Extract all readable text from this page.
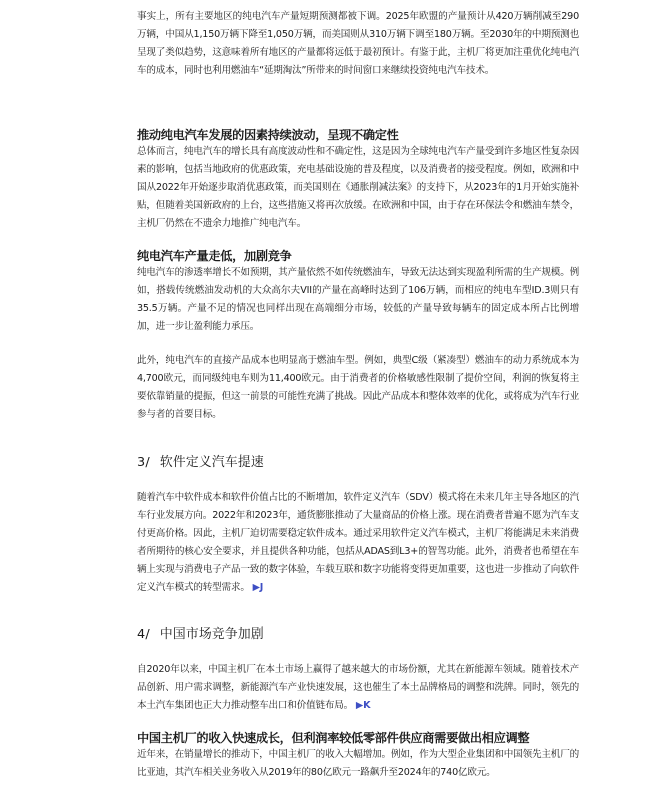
事实上，所有主要地区的纯电汽车产量短期预测都被下调。2025年欧盟的产量预计从420万辆削减至290万辆，中国从1,150万辆下降至1,050万辆，而美国则从310万辆下调至180万辆。至2030年的中期预测也呈现了类似趋势，这意味着所有地区的产量都将远低于最初预计。有鉴于此，主机厂将更加注重优化纯电汽车的成本，同时也利用燃油车“延期淘汰”所带来的时间窗口来继续投资纯电汽车技术。

推动纯电汽车发展的因素持续波动，呈现不确定性

总体而言，纯电汽车的增长具有高度波动性和不确定性，这是因为全球纯电汽车产量受到许多地区性复杂因素的影响，包括当地政府的优惠政策，充电基础设施的普及程度，以及消费者的接受程度。例如，欧洲和中国从2022年开始逐步取消优惠政策，而美国则在《通胀削减法案》的支持下，从2023年的1月开始实施补贴，但随着美国新政府的上台，这些措施又将再次放缓。在欧洲和中国，由于存在环保法令和燃油车禁令，主机厂仍然在不遗余力地推广纯电汽车。

纯电汽车产量走低，加剧竞争

纯电汽车的渗透率增长不如预期，其产量依然不如传统燃油车，导致无法达到实现盈利所需的生产规模。例如，搭载传统燃油发动机的大众高尔夫VII的产量在高峰时达到了106万辆，而相应的纯电车型ID.3则只有35.5万辆。产量不足的情况也同样出现在高端细分市场，较低的产量导致每辆车的固定成本所占比例增加，进一步让盈利能力承压。

此外，纯电汽车的直接产品成本也明显高于燃油车型。例如，典型C级（紧凑型）燃油车的动力系统成本为4,700欧元，而同级纯电车则为11,400欧元。由于消费者的价格敏感性限制了提价空间，利润的恢复将主要依靠销量的提振，但这一前景的可能性充满了挑战。因此产品成本和整体效率的优化，或将成为汽车行业参与者的首要目标。

3/ 软件定义汽车提速

随着汽车中软件成本和软件价值占比的不断增加，软件定义汽车（SDV）模式将在未来几年主导各地区的汽车行业发展方向。2022年和2023年，通货膨胀推动了大量商品的价格上涨。现在消费者普遍不愿为汽车支付更高价格。因此，主机厂迫切需要稳定软件成本。通过采用软件定义汽车模式，主机厂将能满足未来消费者所期待的核心安全要求，并且提供各种功能，包括从ADAS到L3+的智驾功能。此外，消费者也希望在车辆上实现与消费电子产品一致的数字体验，车载互联和数字功能将变得更加重要，这也进一步推动了向软件定义汽车模式的转型需求。 ▶J

4/ 中国市场竞争加剧

自2020年以来，中国主机厂在本土市场上赢得了越来越大的市场份额，尤其在新能源车领域。随着技术产品创新、用户需求调整，新能源汽车产业快速发展，这也催生了本土品牌格局的调整和洗牌。同时，领先的本土汽车集团也正大力推动整车出口和价值链布局。 ▶K

中国主机厂的收入快速成长，但利润率较低零部件供应商需要做出相应调整

近年来，在销量增长的推动下，中国主机厂的收入大幅增加。例如，作为大型企业集团和中国领先主机厂的比亚迪，其汽车相关业务收入从2019年的80亿欧元一路飙升至2024年的740亿欧元。
